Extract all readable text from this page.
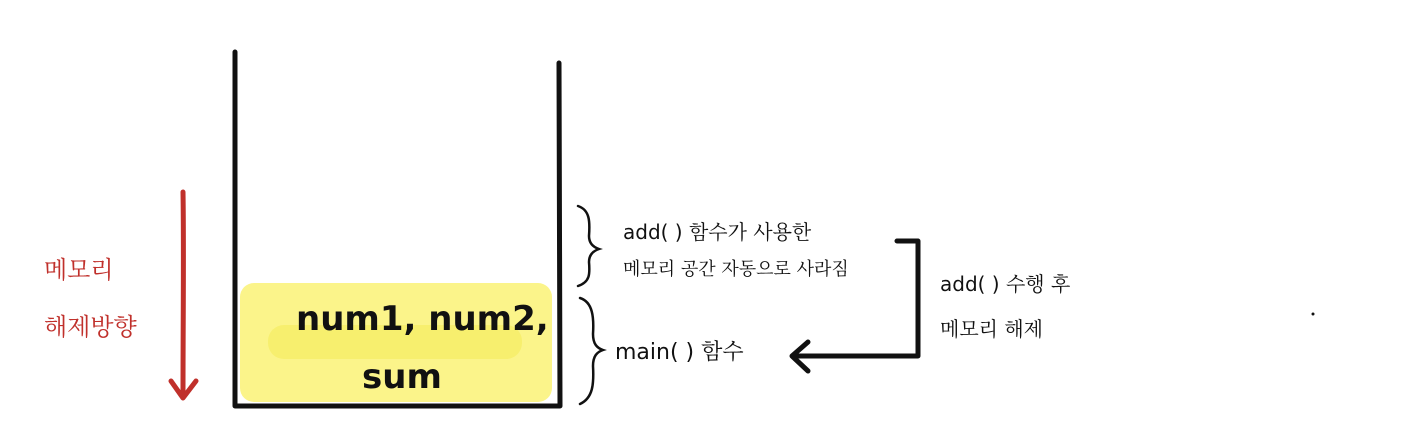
메모리
해제방향	num1, num2,
sum
add( ) 함수가 사용한
메모리 공간 자동으로 사라짐
main( ) 함수
add( ) 수행 후
메모리 해제
